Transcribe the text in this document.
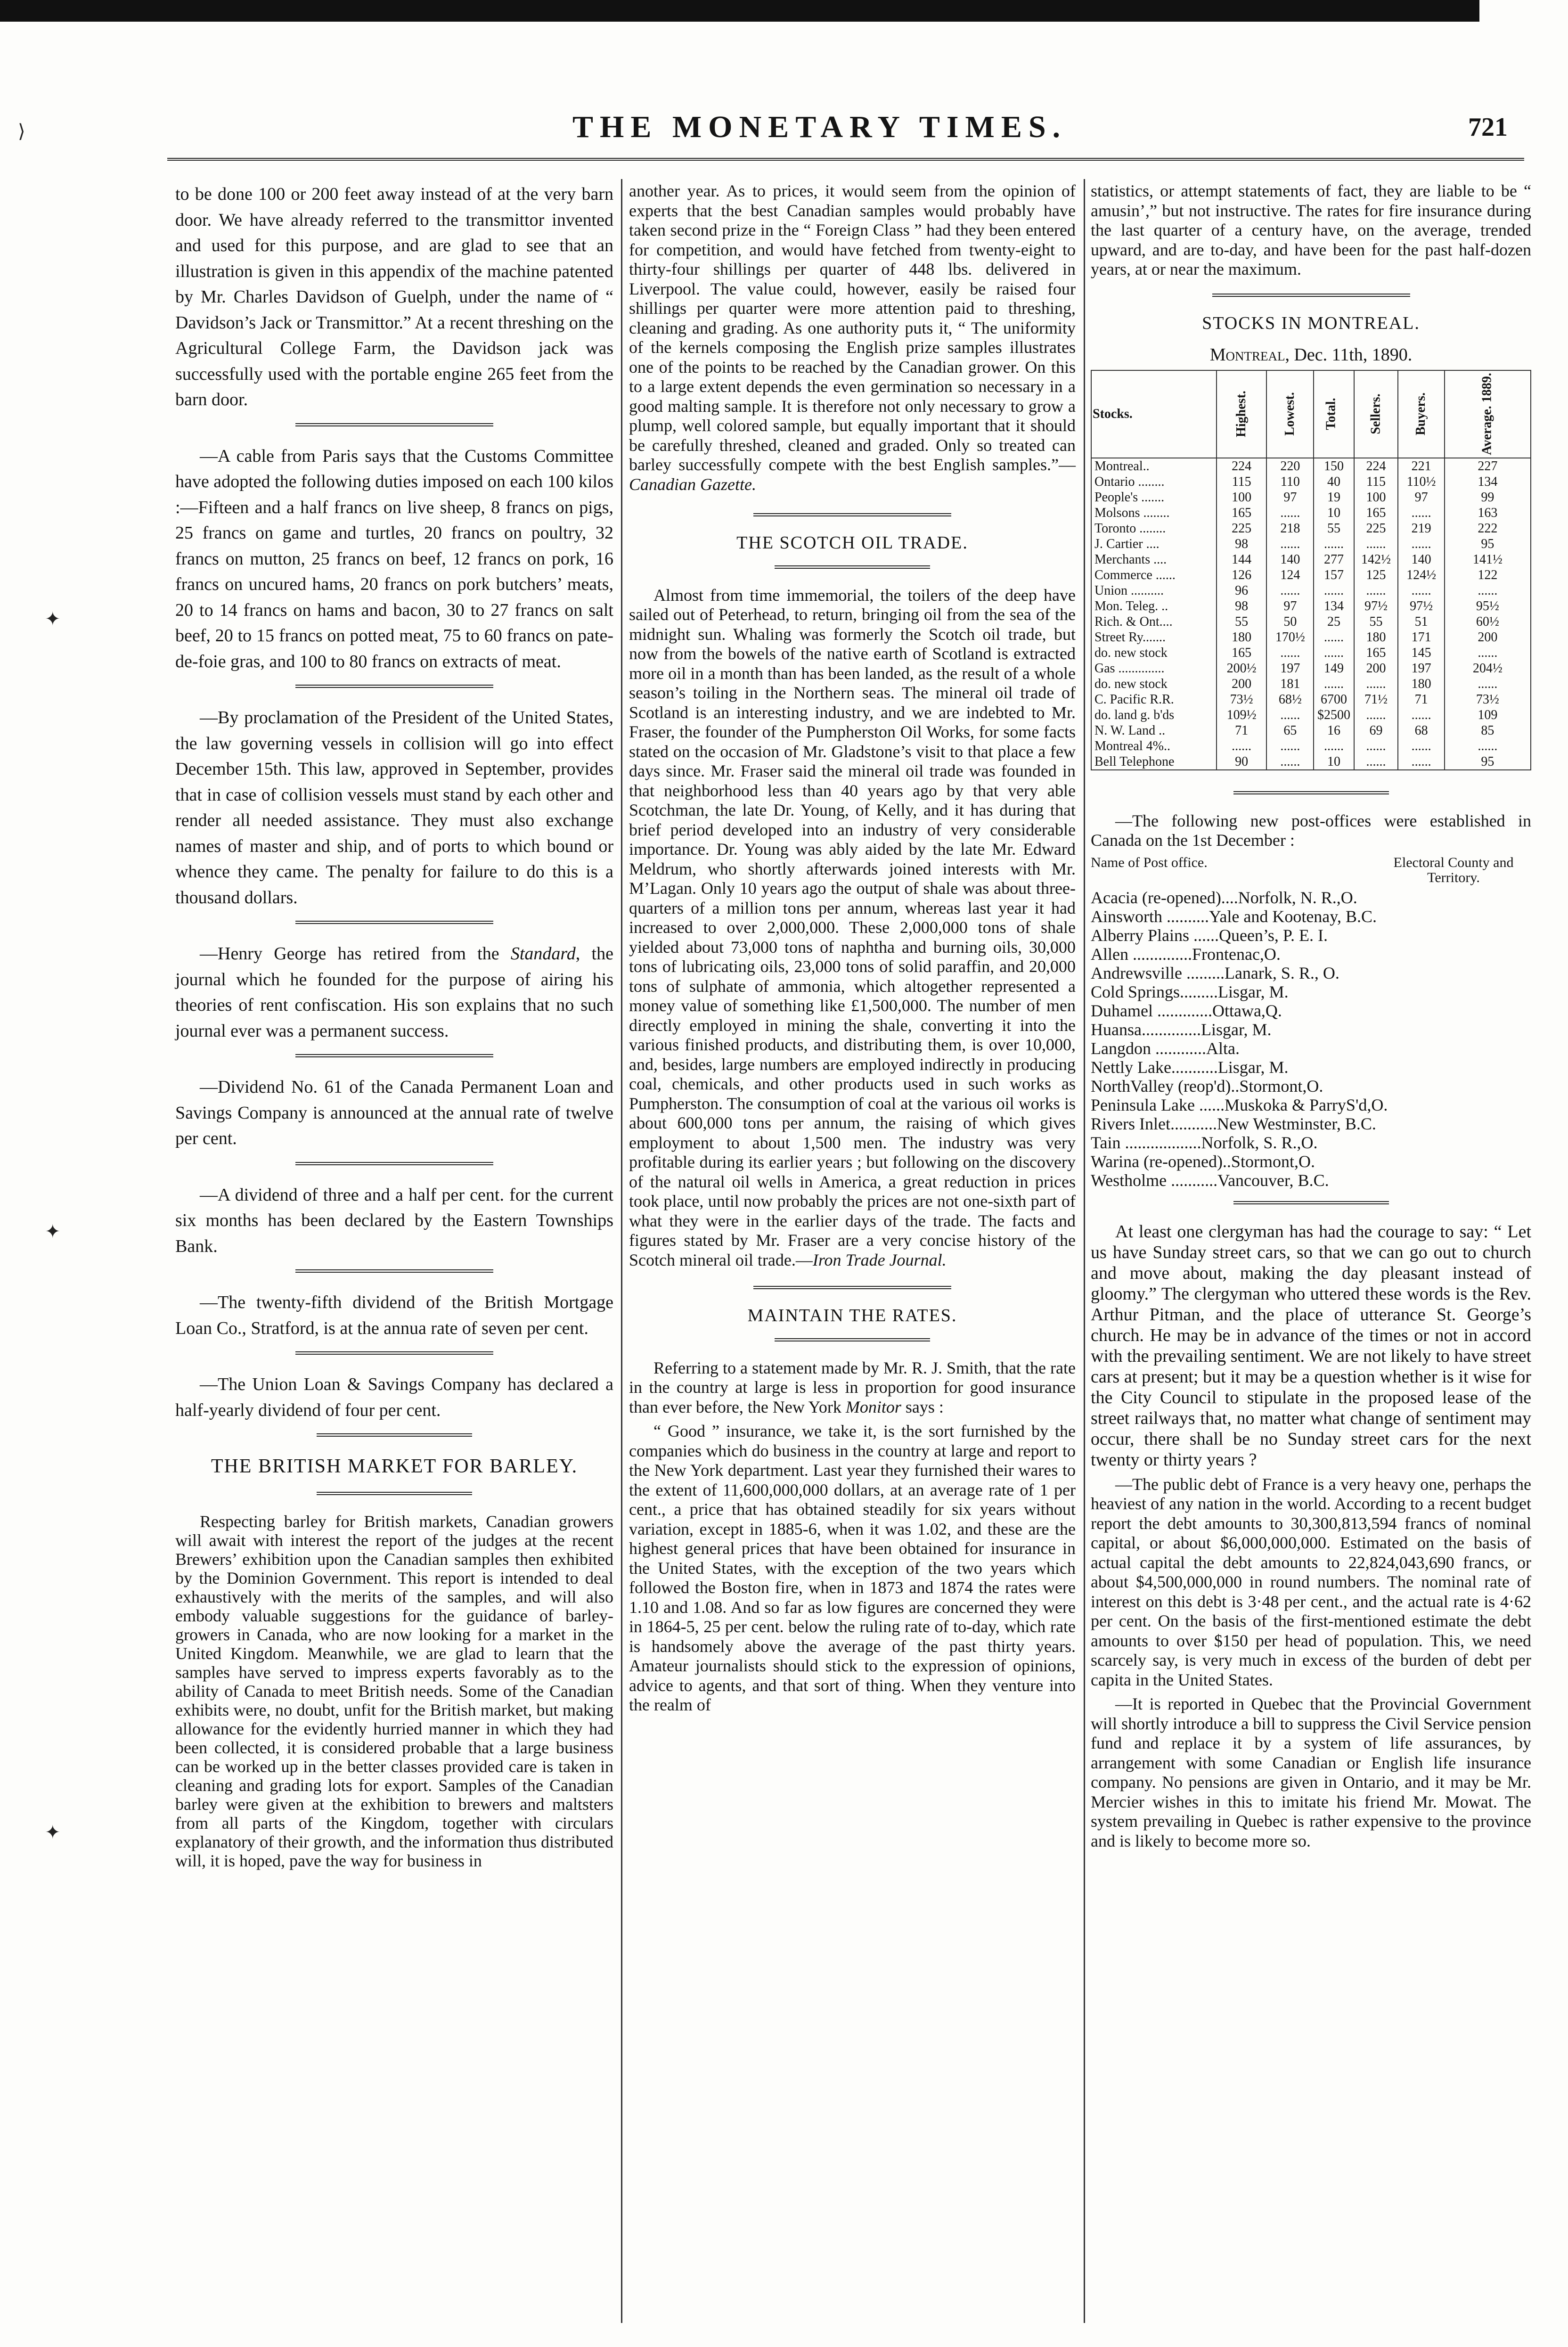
THE MONETARY TIMES.	721
⟩
✦
✦
✦

to be done 100 or 200 feet away instead of at the very barn door. We have already referred to the transmittor invented and used for this purpose, and are glad to see that an illustration is given in this appendix of the machine patented by Mr. Charles Davidson of Guelph, under the name of “ Davidson’s Jack or Transmittor.” At a recent threshing on the Agricultural College Farm, the Davidson jack was successfully used with the portable engine 265 feet from the barn door.

—A cable from Paris says that the Customs Committee have adopted the following duties imposed on each 100 kilos :—Fifteen and a half francs on live sheep, 8 francs on pigs, 25 francs on game and turtles, 20 francs on poultry, 32 francs on mutton, 25 francs on beef, 12 francs on pork, 16 francs on uncured hams, 20 francs on pork butchers’ meats, 20 to 14 francs on hams and bacon, 30 to 27 francs on salt beef, 20 to 15 francs on potted meat, 75 to 60 francs on pate-de-foie gras, and 100 to 80 francs on extracts of meat.

—By proclamation of the President of the United States, the law governing vessels in collision will go into effect December 15th. This law, approved in September, provides that in case of collision vessels must stand by each other and render all needed assistance. They must also exchange names of master and ship, and of ports to which bound or whence they came. The penalty for failure to do this is a thousand dollars.

—Henry George has retired from the Standard, the journal which he founded for the purpose of airing his theories of rent confiscation. His son explains that no such journal ever was a permanent success.

—Dividend No. 61 of the Canada Permanent Loan and Savings Company is announced at the annual rate of twelve per cent.

—A dividend of three and a half per cent. for the current six months has been declared by the Eastern Townships Bank.

—The twenty-fifth dividend of the British Mortgage Loan Co., Stratford, is at the annua rate of seven per cent.

—The Union Loan & Savings Company has declared a half-yearly dividend of four per cent.

THE BRITISH MARKET FOR BARLEY.

Respecting barley for British markets, Canadian growers will await with interest the report of the judges at the recent Brewers’ exhibition upon the Canadian samples then exhibited by the Dominion Government. This report is intended to deal exhaustively with the merits of the samples, and will also embody valuable suggestions for the guidance of barley-growers in Canada, who are now looking for a market in the United Kingdom. Meanwhile, we are glad to learn that the samples have served to impress experts favorably as to the ability of Canada to meet British needs. Some of the Canadian exhibits were, no doubt, unfit for the British market, but making allowance for the evidently hurried manner in which they had been collected, it is considered probable that a large business can be worked up in the better classes provided care is taken in cleaning and grading lots for export. Samples of the Canadian barley were given at the exhibition to brewers and maltsters from all parts of the Kingdom, together with circulars explanatory of their growth, and the information thus distributed will, it is hoped, pave the way for business in

another year. As to prices, it would seem from the opinion of experts that the best Canadian samples would probably have taken second prize in the “ Foreign Class ” had they been entered for competition, and would have fetched from twenty-eight to thirty-four shillings per quarter of 448 lbs. delivered in Liverpool. The value could, however, easily be raised four shillings per quarter were more attention paid to threshing, cleaning and grading. As one authority puts it, “ The uniformity of the kernels composing the English prize samples illustrates one of the points to be reached by the Canadian grower. On this to a large extent depends the even germination so necessary in a good malting sample. It is therefore not only necessary to grow a plump, well colored sample, but equally important that it should be carefully threshed, cleaned and graded. Only so treated can barley successfully compete with the best English samples.”—Canadian Gazette.

THE SCOTCH OIL TRADE.

Almost from time immemorial, the toilers of the deep have sailed out of Peterhead, to return, bringing oil from the sea of the midnight sun. Whaling was formerly the Scotch oil trade, but now from the bowels of the native earth of Scotland is extracted more oil in a month than has been landed, as the result of a whole season’s toiling in the Northern seas. The mineral oil trade of Scotland is an interesting industry, and we are indebted to Mr. Fraser, the founder of the Pumpherston Oil Works, for some facts stated on the occasion of Mr. Gladstone’s visit to that place a few days since. Mr. Fraser said the mineral oil trade was founded in that neighborhood less than 40 years ago by that very able Scotchman, the late Dr. Young, of Kelly, and it has during that brief period developed into an industry of very considerable importance. Dr. Young was ably aided by the late Mr. Edward Meldrum, who shortly afterwards joined interests with Mr. M’Lagan. Only 10 years ago the output of shale was about three-quarters of a million tons per annum, whereas last year it had increased to over 2,000,000. These 2,000,000 tons of shale yielded about 73,000 tons of naphtha and burning oils, 30,000 tons of lubricating oils, 23,000 tons of solid paraffin, and 20,000 tons of sulphate of ammonia, which altogether represented a money value of something like £1,500,000. The number of men directly employed in mining the shale, converting it into the various finished products, and distributing them, is over 10,000, and, besides, large numbers are employed indirectly in producing coal, chemicals, and other products used in such works as Pumpherston. The consumption of coal at the various oil works is about 600,000 tons per annum, the raising of which gives employment to about 1,500 men. The industry was very profitable during its earlier years ; but following on the discovery of the natural oil wells in America, a great reduction in prices took place, until now probably the prices are not one-sixth part of what they were in the earlier days of the trade. The facts and figures stated by Mr. Fraser are a very concise history of the Scotch mineral oil trade.—Iron Trade Journal.

MAINTAIN THE RATES.

Referring to a statement made by Mr. R. J. Smith, that the rate in the country at large is less in proportion for good insurance than ever before, the New York Monitor says :

“ Good ” insurance, we take it, is the sort furnished by the companies which do business in the country at large and report to the New York department. Last year they furnished their wares to the extent of 11,600,000,000 dollars, at an average rate of 1 per cent., a price that has obtained steadily for six years without variation, except in 1885-6, when it was 1.02, and these are the highest general prices that have been obtained for insurance in the United States, with the exception of the two years which followed the Boston fire, when in 1873 and 1874 the rates were 1.10 and 1.08. And so far as low figures are concerned they were in 1864-5, 25 per cent. below the ruling rate of to-day, which rate is handsomely above the average of the past thirty years. Amateur journalists should stick to the expression of opinions, advice to agents, and that sort of thing. When they venture into the realm of

statistics, or attempt statements of fact, they are liable to be “ amusin’,” but not instructive. The rates for fire insurance during the last quarter of a century have, on the average, trended upward, and are to-day, and have been for the past half-dozen years, at or near the maximum.

STOCKS IN MONTREAL.
Montreal, Dec. 11th, 1890.
Stocks.	Highest.	Lowest.	Total.	Sellers.	Buyers.	Average. 1889.
Montreal..	224	220	150	224	221	227
Ontario ........	115	110	40	115	110½	134
People's .......	100	97	19	100	97	99
Molsons ........	165	......	10	165	......	163
Toronto ........	225	218	55	225	219	222
J. Cartier ....	98	......	......	......	......	95
Merchants ....	144	140	277	142½	140	141½
Commerce ......	126	124	157	125	124½	122
Union ..........	96	......	......	......	......	......
Mon. Teleg. ..	98	97	134	97½	97½	95½
Rich. & Ont....	55	50	25	55	51	60½
Street Ry.......	180	170½	......	180	171	200
do. new stock	165	......	......	165	145	......
Gas ..............	200½	197	149	200	197	204½
do. new stock	200	181	......	......	180	......
C. Pacific R.R.	73½	68½	6700	71½	71	73½
do. land g. b'ds	109½	......	$2500	......	......	109
N. W. Land ..	71	65	16	69	68	85
Montreal 4%..	......	......	......	......	......	......
Bell Telephone	90	......	10	......	......	95

—The following new post-offices were established in Canada on the 1st December :

Name of Post office.	Electoral County and Territory.
Acacia (re-opened)....Norfolk, N. R.,O.
Ainsworth ..........Yale and Kootenay, B.C.
Alberry Plains ......Queen’s, P. E. I.
Allen ..............Frontenac,O.
Andrewsville .........Lanark, S. R., O.
Cold Springs.........Lisgar, M.
Duhamel .............Ottawa,Q.
Huansa..............Lisgar, M.
Langdon ............Alta.
Nettly Lake...........Lisgar, M.
NorthValley (reop'd)..Stormont,O.
Peninsula Lake ......Muskoka & ParryS'd,O.
Rivers Inlet...........New Westminster, B.C.
Tain ..................Norfolk, S. R.,O.
Warina (re-opened)..Stormont,O.
Westholme ...........Vancouver, B.C.

At least one clergyman has had the courage to say: “ Let us have Sunday street cars, so that we can go out to church and move about, making the day pleasant instead of gloomy.” The clergyman who uttered these words is the Rev. Arthur Pitman, and the place of utterance St. George’s church. He may be in advance of the times or not in accord with the prevailing sentiment. We are not likely to have street cars at present; but it may be a question whether is it wise for the City Council to stipulate in the proposed lease of the street railways that, no matter what change of sentiment may occur, there shall be no Sunday street cars for the next twenty or thirty years ?

—The public debt of France is a very heavy one, perhaps the heaviest of any nation in the world. According to a recent budget report the debt amounts to 30,300,813,594 francs of nominal capital, or about $6,000,000,000. Estimated on the basis of actual capital the debt amounts to 22,824,043,690 francs, or about $4,500,000,000 in round numbers. The nominal rate of interest on this debt is 3·48 per cent., and the actual rate is 4·62 per cent. On the basis of the first-mentioned estimate the debt amounts to over $150 per head of population. This, we need scarcely say, is very much in excess of the burden of debt per capita in the United States.

—It is reported in Quebec that the Provincial Government will shortly introduce a bill to suppress the Civil Service pension fund and replace it by a system of life assurances, by arrangement with some Canadian or English life insurance company. No pensions are given in Ontario, and it may be Mr. Mercier wishes in this to imitate his friend Mr. Mowat. The system prevailing in Quebec is rather expensive to the province and is likely to become more so.
